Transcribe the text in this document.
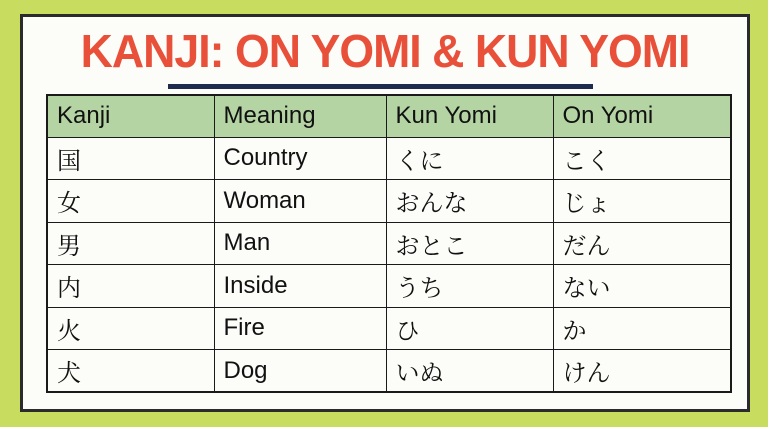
KANJI: ON YOMI & KUN YOMI
Kanji	Meaning	Kun Yomi	On Yomi
国	Country	くに	こく
女	Woman	おんな	じょ
男	Man	おとこ	だん
内	Inside	うち	ない
火	Fire	ひ	か
犬	Dog	いぬ	けん
